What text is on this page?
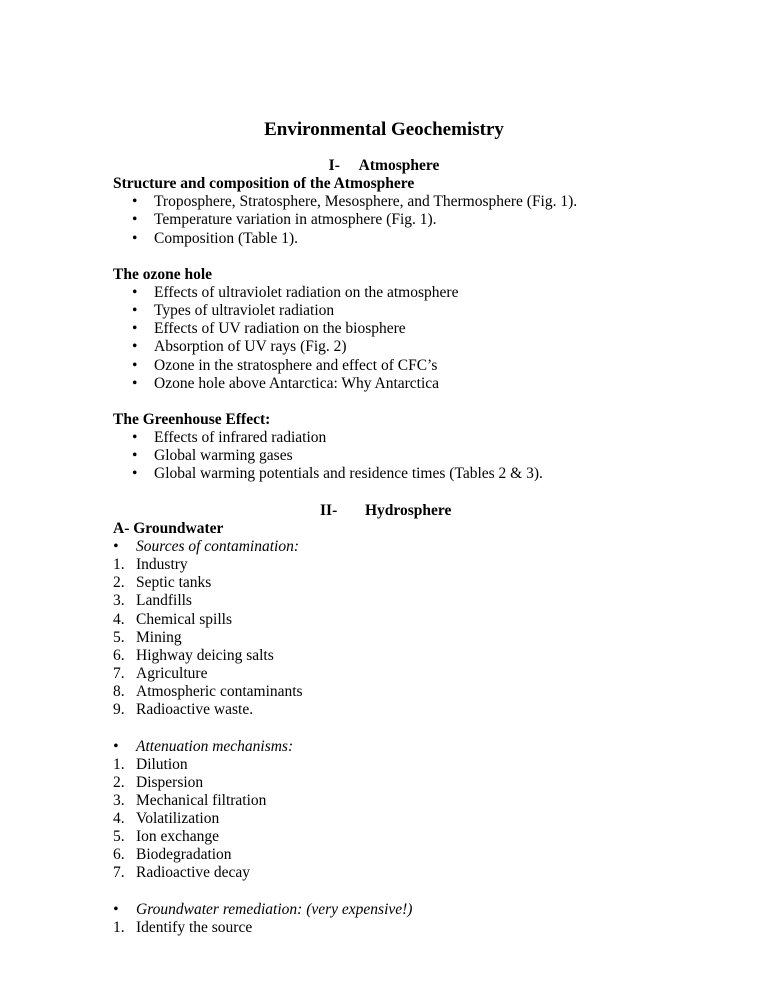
Environmental Geochemistry
I- Atmosphere
Structure and composition of the Atmosphere
• Troposphere, Stratosphere, Mesosphere, and Thermosphere (Fig. 1).
• Temperature variation in atmosphere (Fig. 1).
• Composition (Table 1).
The ozone hole
• Effects of ultraviolet radiation on the atmosphere
• Types of ultraviolet radiation
• Effects of UV radiation on the biosphere
• Absorption of UV rays (Fig. 2)
• Ozone in the stratosphere and effect of CFC’s
• Ozone hole above Antarctica: Why Antarctica
The Greenhouse Effect:
• Effects of infrared radiation
• Global warming gases
• Global warming potentials and residence times (Tables 2 & 3).
II- Hydrosphere
A- Groundwater
• Sources of contamination:
1. Industry
2. Septic tanks
3. Landfills
4. Chemical spills
5. Mining
6. Highway deicing salts
7. Agriculture
8. Atmospheric contaminants
9. Radioactive waste.
• Attenuation mechanisms:
1. Dilution
2. Dispersion
3. Mechanical filtration
4. Volatilization
5. Ion exchange
6. Biodegradation
7. Radioactive decay
• Groundwater remediation: (very expensive!)
1. Identify the source
